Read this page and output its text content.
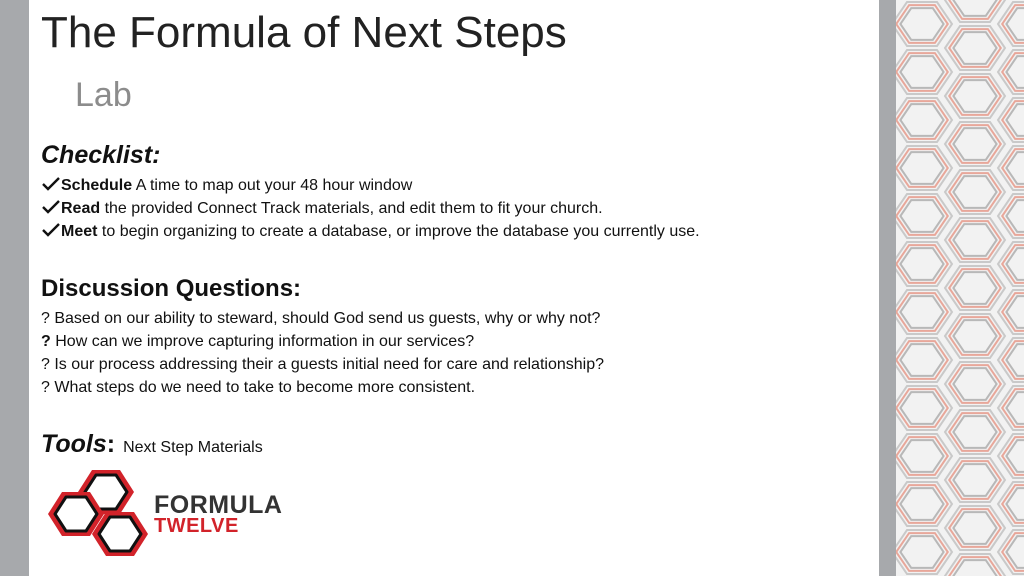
The Formula of Next Steps
Lab
Checklist:
Schedule A time to map out your 48 hour window
Read the provided Connect Track materials, and edit them to fit your church.
Meet to begin organizing to create a database, or improve the database you currently use.
Discussion Questions:
? Based on our ability to steward, should God send us guests, why or why not?
? How can we improve capturing information in our services?
? Is our process addressing their a guests initial need for care and relationship?
? What steps do we need to take to become more consistent.
Tools: Next Step Materials
FORMULA
TWELVE
